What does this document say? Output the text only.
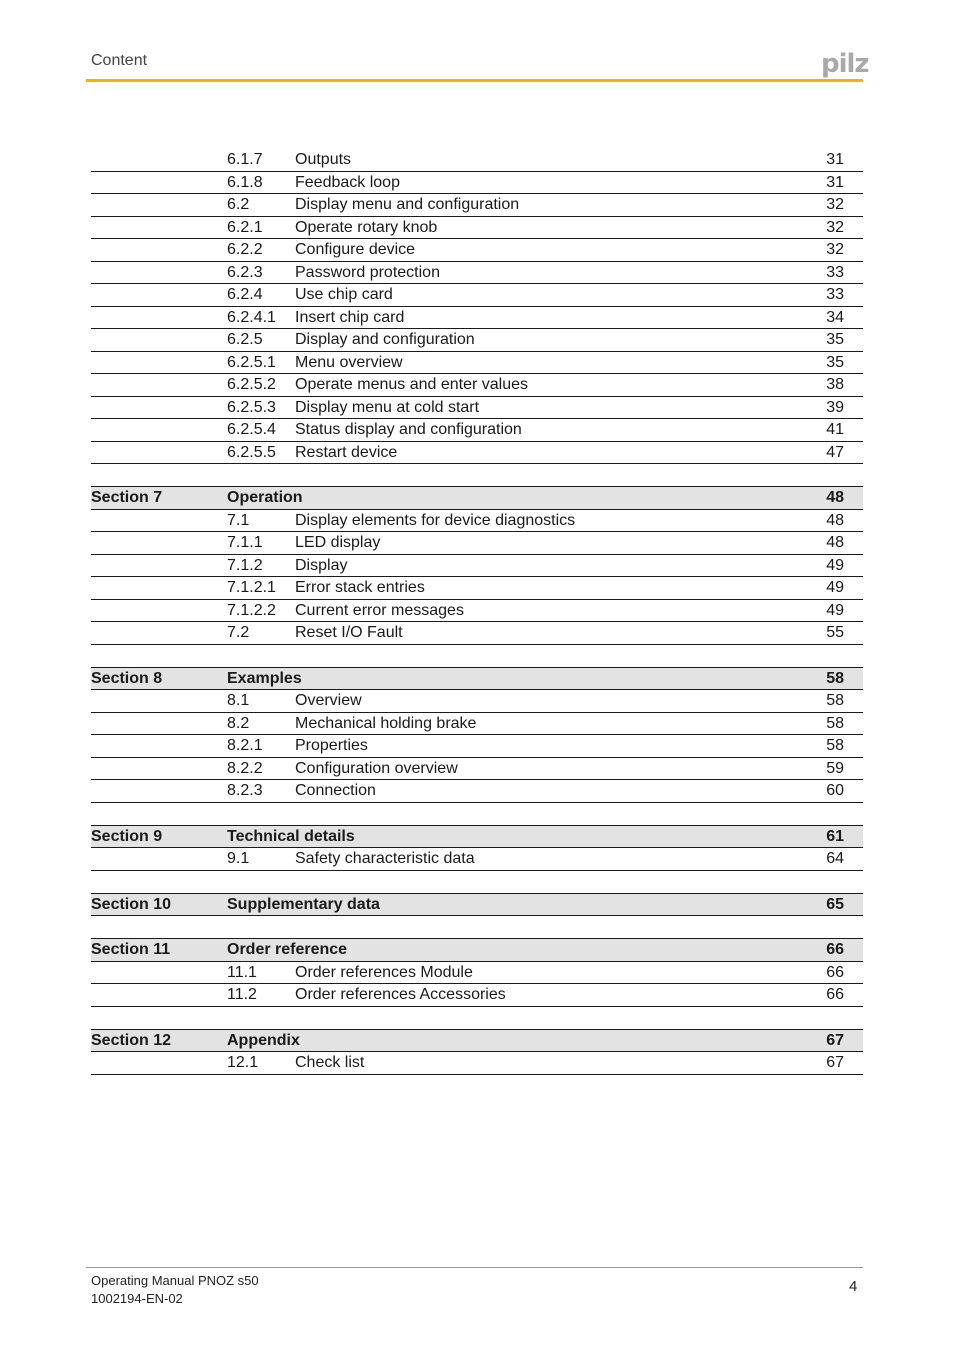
Content	pilz
6.1.7 Outputs	31
6.1.8 Feedback loop	31
6.2	Display menu and configuration	32
6.2.1 Operate rotary knob	32
6.2.2 Configure device	32
6.2.3 Password protection	33
6.2.4 Use chip card	33
6.2.4.1 Insert chip card	34
6.2.5 Display and configuration	35
6.2.5.1 Menu overview	35
6.2.5.2 Operate menus and enter values	38
6.2.5.3 Display menu at cold start	39
6.2.5.4 Status display and configuration	41
6.2.5.5 Restart device	47
Section 7	Operation	48
7.1	Display elements for device diagnostics	48
7.1.1 LED display	48
7.1.2 Display	49
7.1.2.1 Error stack entries	49
7.1.2.2 Current error messages	49
7.2	Reset I/O Fault	55
Section 8	Examples	58
8.1	Overview	58
8.2	Mechanical holding brake	58
8.2.1 Properties	58
8.2.2 Configuration overview	59
8.2.3 Connection	60
Section 9	Technical details	61
9.1	Safety characteristic data	64
Section 10	Supplementary data	65
Section 11	Order reference	66
11.1 Order references Module	66
11.2 Order references Accessories	66
Section 12	Appendix	67
12.1 Check list	67
Operating Manual PNOZ s50
1002194-EN-02
4
